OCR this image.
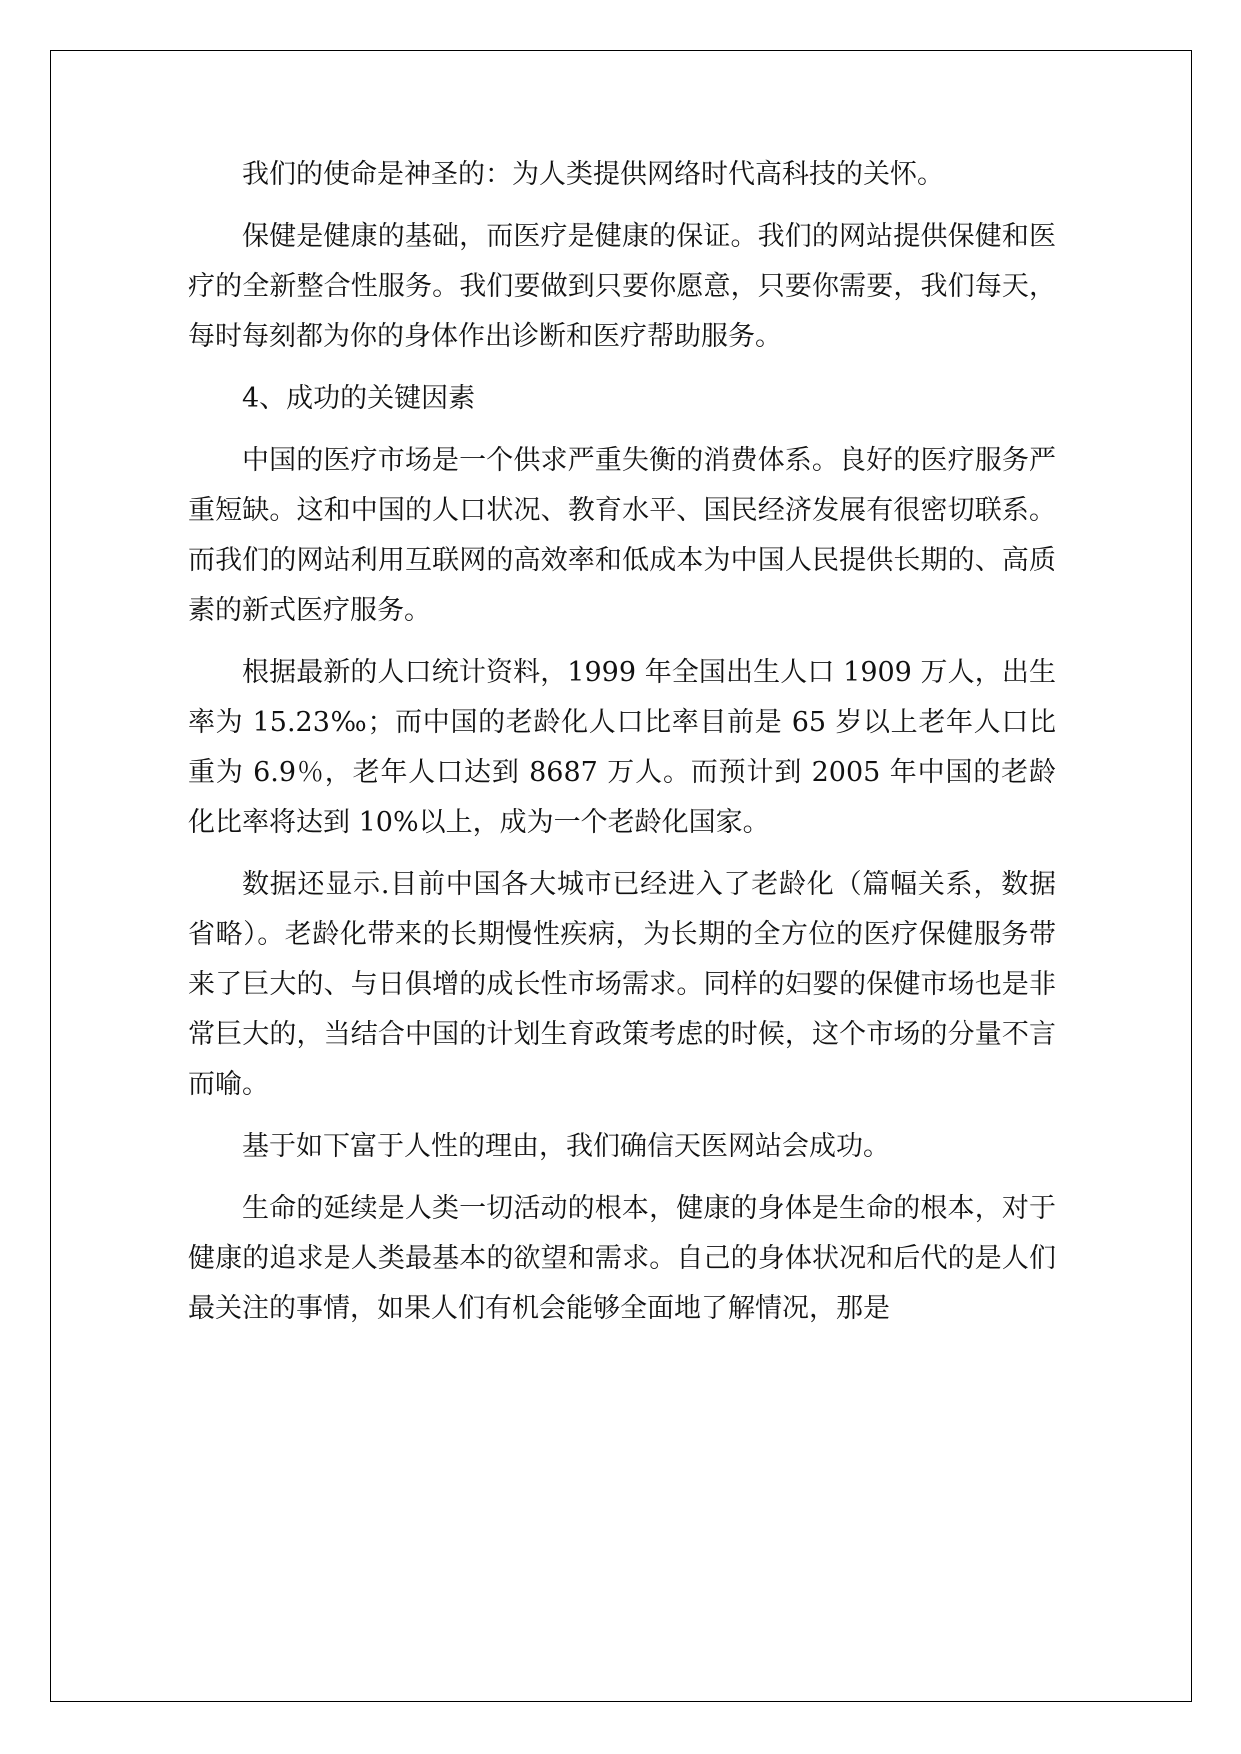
我们的使命是神圣的：为人类提供网络时代高科技的关怀。

保健是健康的基础，而医疗是健康的保证。我们的网站提供保健和医疗的全新整合性服务。我们要做到只要你愿意，只要你需要，我们每天，每时每刻都为你的身体作出诊断和医疗帮助服务。

4、成功的关键因素

中国的医疗市场是一个供求严重失衡的消费体系。良好的医疗服务严重短缺。这和中国的人口状况、教育水平、国民经济发展有很密切联系。而我们的网站利用互联网的高效率和低成本为中国人民提供长期的、高质素的新式医疗服务。

根据最新的人口统计资料，1999 年全国出生人口 1909 万人，出生率为 15.23‰；而中国的老龄化人口比率目前是 65 岁以上老年人口比重为 6.9％，老年人口达到 8687 万人。而预计到 2005 年中国的老龄化比率将达到 10%以上，成为一个老龄化国家。

数据还显示.目前中国各大城市已经进入了老龄化（篇幅关系，数据省略）。老龄化带来的长期慢性疾病，为长期的全方位的医疗保健服务带来了巨大的、与日俱增的成长性市场需求。同样的妇婴的保健市场也是非常巨大的，当结合中国的计划生育政策考虑的时候，这个市场的分量不言而喻。

基于如下富于人性的理由，我们确信天医网站会成功。

生命的延续是人类一切活动的根本，健康的身体是生命的根本，对于健康的追求是人类最基本的欲望和需求。自己的身体状况和后代的是人们最关注的事情，如果人们有机会能够全面地了解情况，那是
